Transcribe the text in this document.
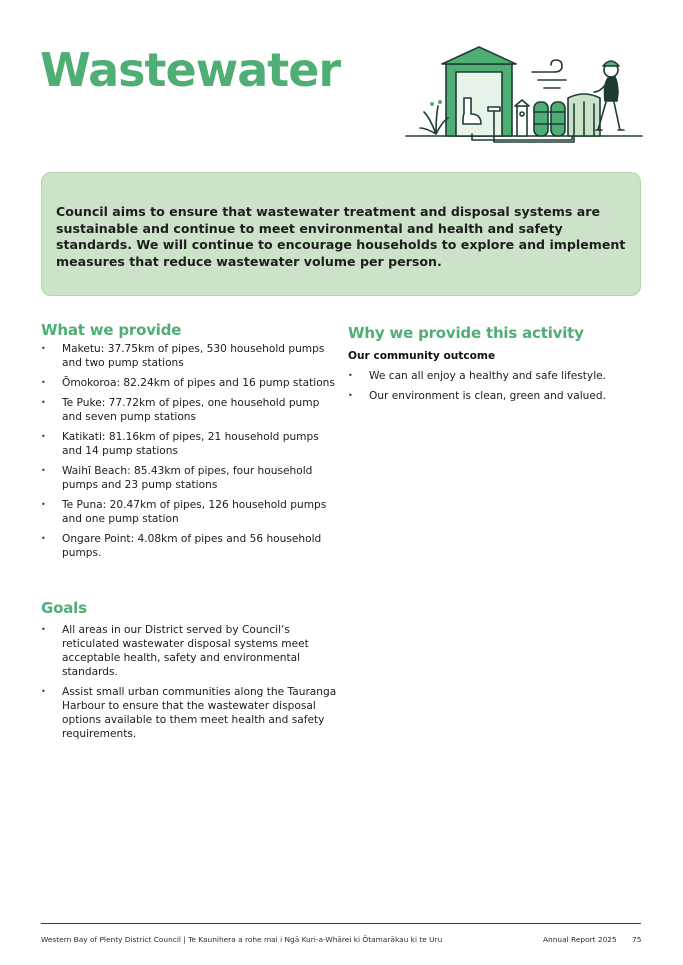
Wastewater

Council aims to ensure that wastewater treatment and disposal systems are sustainable and continue to meet environmental and health and safety standards. We will continue to encourage households to explore and implement measures that reduce wastewater volume per person.

What we provide
• Maketu: 37.75km of pipes, 530 household pumps and two pump stations
• Ōmokoroa: 82.24km of pipes and 16 pump stations
• Te Puke: 77.72km of pipes, one household pump and seven pump stations
• Katikati: 81.16km of pipes, 21 household pumps and 14 pump stations
• Waihī Beach: 85.43km of pipes, four household pumps and 23 pump stations
• Te Puna: 20.47km of pipes, 126 household pumps and one pump station
• Ongare Point: 4.08km of pipes and 56 household pumps.
Goals
• All areas in our District served by Council’s reticulated wastewater disposal systems meet acceptable health, safety and environmental standards.
• Assist small urban communities along the Tauranga Harbour to ensure that the wastewater disposal options available to them meet health and safety requirements.
Why we provide this activity

Our community outcome

• We can all enjoy a healthy and safe lifestyle.
• Our environment is clean, green and valued.
Western Bay of Plenty District Council | Te Kaunihera a rohe mai i Ngā Kuri-a-Whārei ki Ōtamarākau ki te Uru	Annual Report 2025 75
